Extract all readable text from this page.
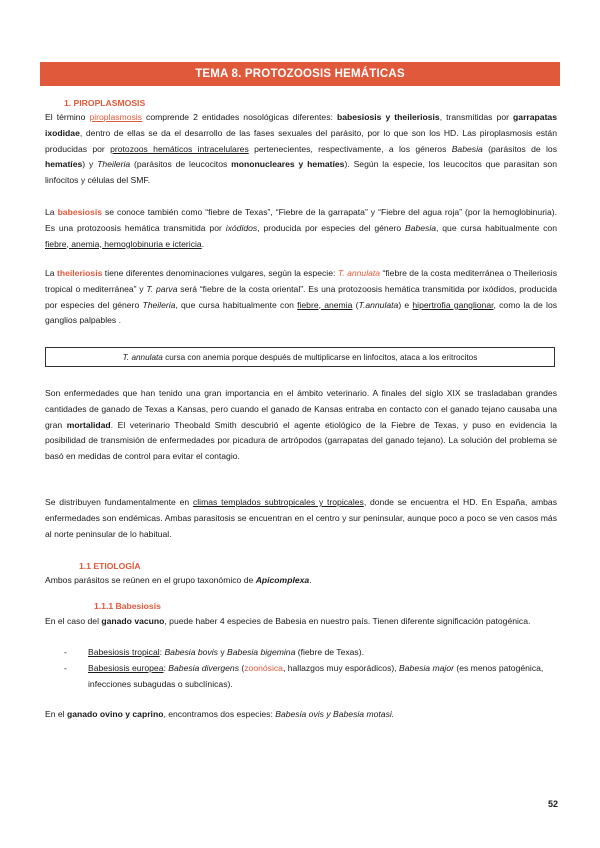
TEMA 8. PROTOZOOSIS HEMÁTICAS

1. PIROPLASMOSIS

El término piroplasmosis comprende 2 entidades nosológicas diferentes: babesiosis y theileriosis, transmitidas por garrapatas ixodidae, dentro de ellas se da el desarrollo de las fases sexuales del parásito, por lo que son los HD. Las piroplasmosis están producidas por protozoos hemáticos intracelulares pertenecientes, respectivamente, a los géneros Babesia (parásitos de los hematíes) y Theileria (parásitos de leucocitos mononucleares y hematíes). Según la especie, los leucocitos que parasitan son linfocitos y células del SMF.

La babesiosis se conoce también como “fiebre de Texas”, “Fiebre de la garrapata” y “Fiebre del agua roja” (por la hemoglobinuria). Es una protozoosis hemática transmitida por ixódidos, producida por especies del género Babesia, que cursa habitualmente con fiebre, anemia, hemoglobinuria e ictericia.

La theileriosis tiene diferentes denominaciones vulgares, según la especie: T. annulata “fiebre de la costa mediterránea o Theileriosis tropical o mediterránea” y T. parva será “fiebre de la costa oriental”. Es una protozoosis hemática transmitida por ixódidos, producida por especies del género Theileria, que cursa habitualmente con fiebre, anemia (T.annulata) e hipertrofia ganglionar, como la de los ganglios palpables .

T. annulata cursa con anemia porque después de multiplicarse en linfocitos, ataca a los eritrocitos

Son enfermedades que han tenido una gran importancia en el ámbito veterinario. A finales del siglo XIX se trasladaban grandes cantidades de ganado de Texas a Kansas, pero cuando el ganado de Kansas entraba en contacto con el ganado tejano causaba una gran mortalidad. El veterinario Theobald Smith descubrió el agente etiológico de la Fiebre de Texas, y puso en evidencia la posibilidad de transmisión de enfermedades por picadura de artrópodos (garrapatas del ganado tejano). La solución del problema se basó en medidas de control para evitar el contagio.

Se distribuyen fundamentalmente en climas templados subtropicales y tropicales, donde se encuentra el HD. En España, ambas enfermedades son endémicas. Ambas parasitosis se encuentran en el centro y sur peninsular, aunque poco a poco se ven casos más al norte peninsular de lo habitual.

1.1 ETIOLOGÍA

Ambos parásitos se reúnen en el grupo taxonómico de Apicomplexa.

1.1.1 Babesiosis

En el caso del ganado vacuno, puede haber 4 especies de Babesia en nuestro país. Tienen diferente significación patogénica.

- Babesiosis tropical: Babesia bovis y Babesia bigemina (fiebre de Texas).
- Babesiosis europea: Babesia divergens (zoonósica, hallazgos muy esporádicos), Babesia major (es menos patogénica, infecciones subagudas o subclínicas).

En el ganado ovino y caprino, encontramos dos especies: Babesia ovis y Babesia motasi.

52
